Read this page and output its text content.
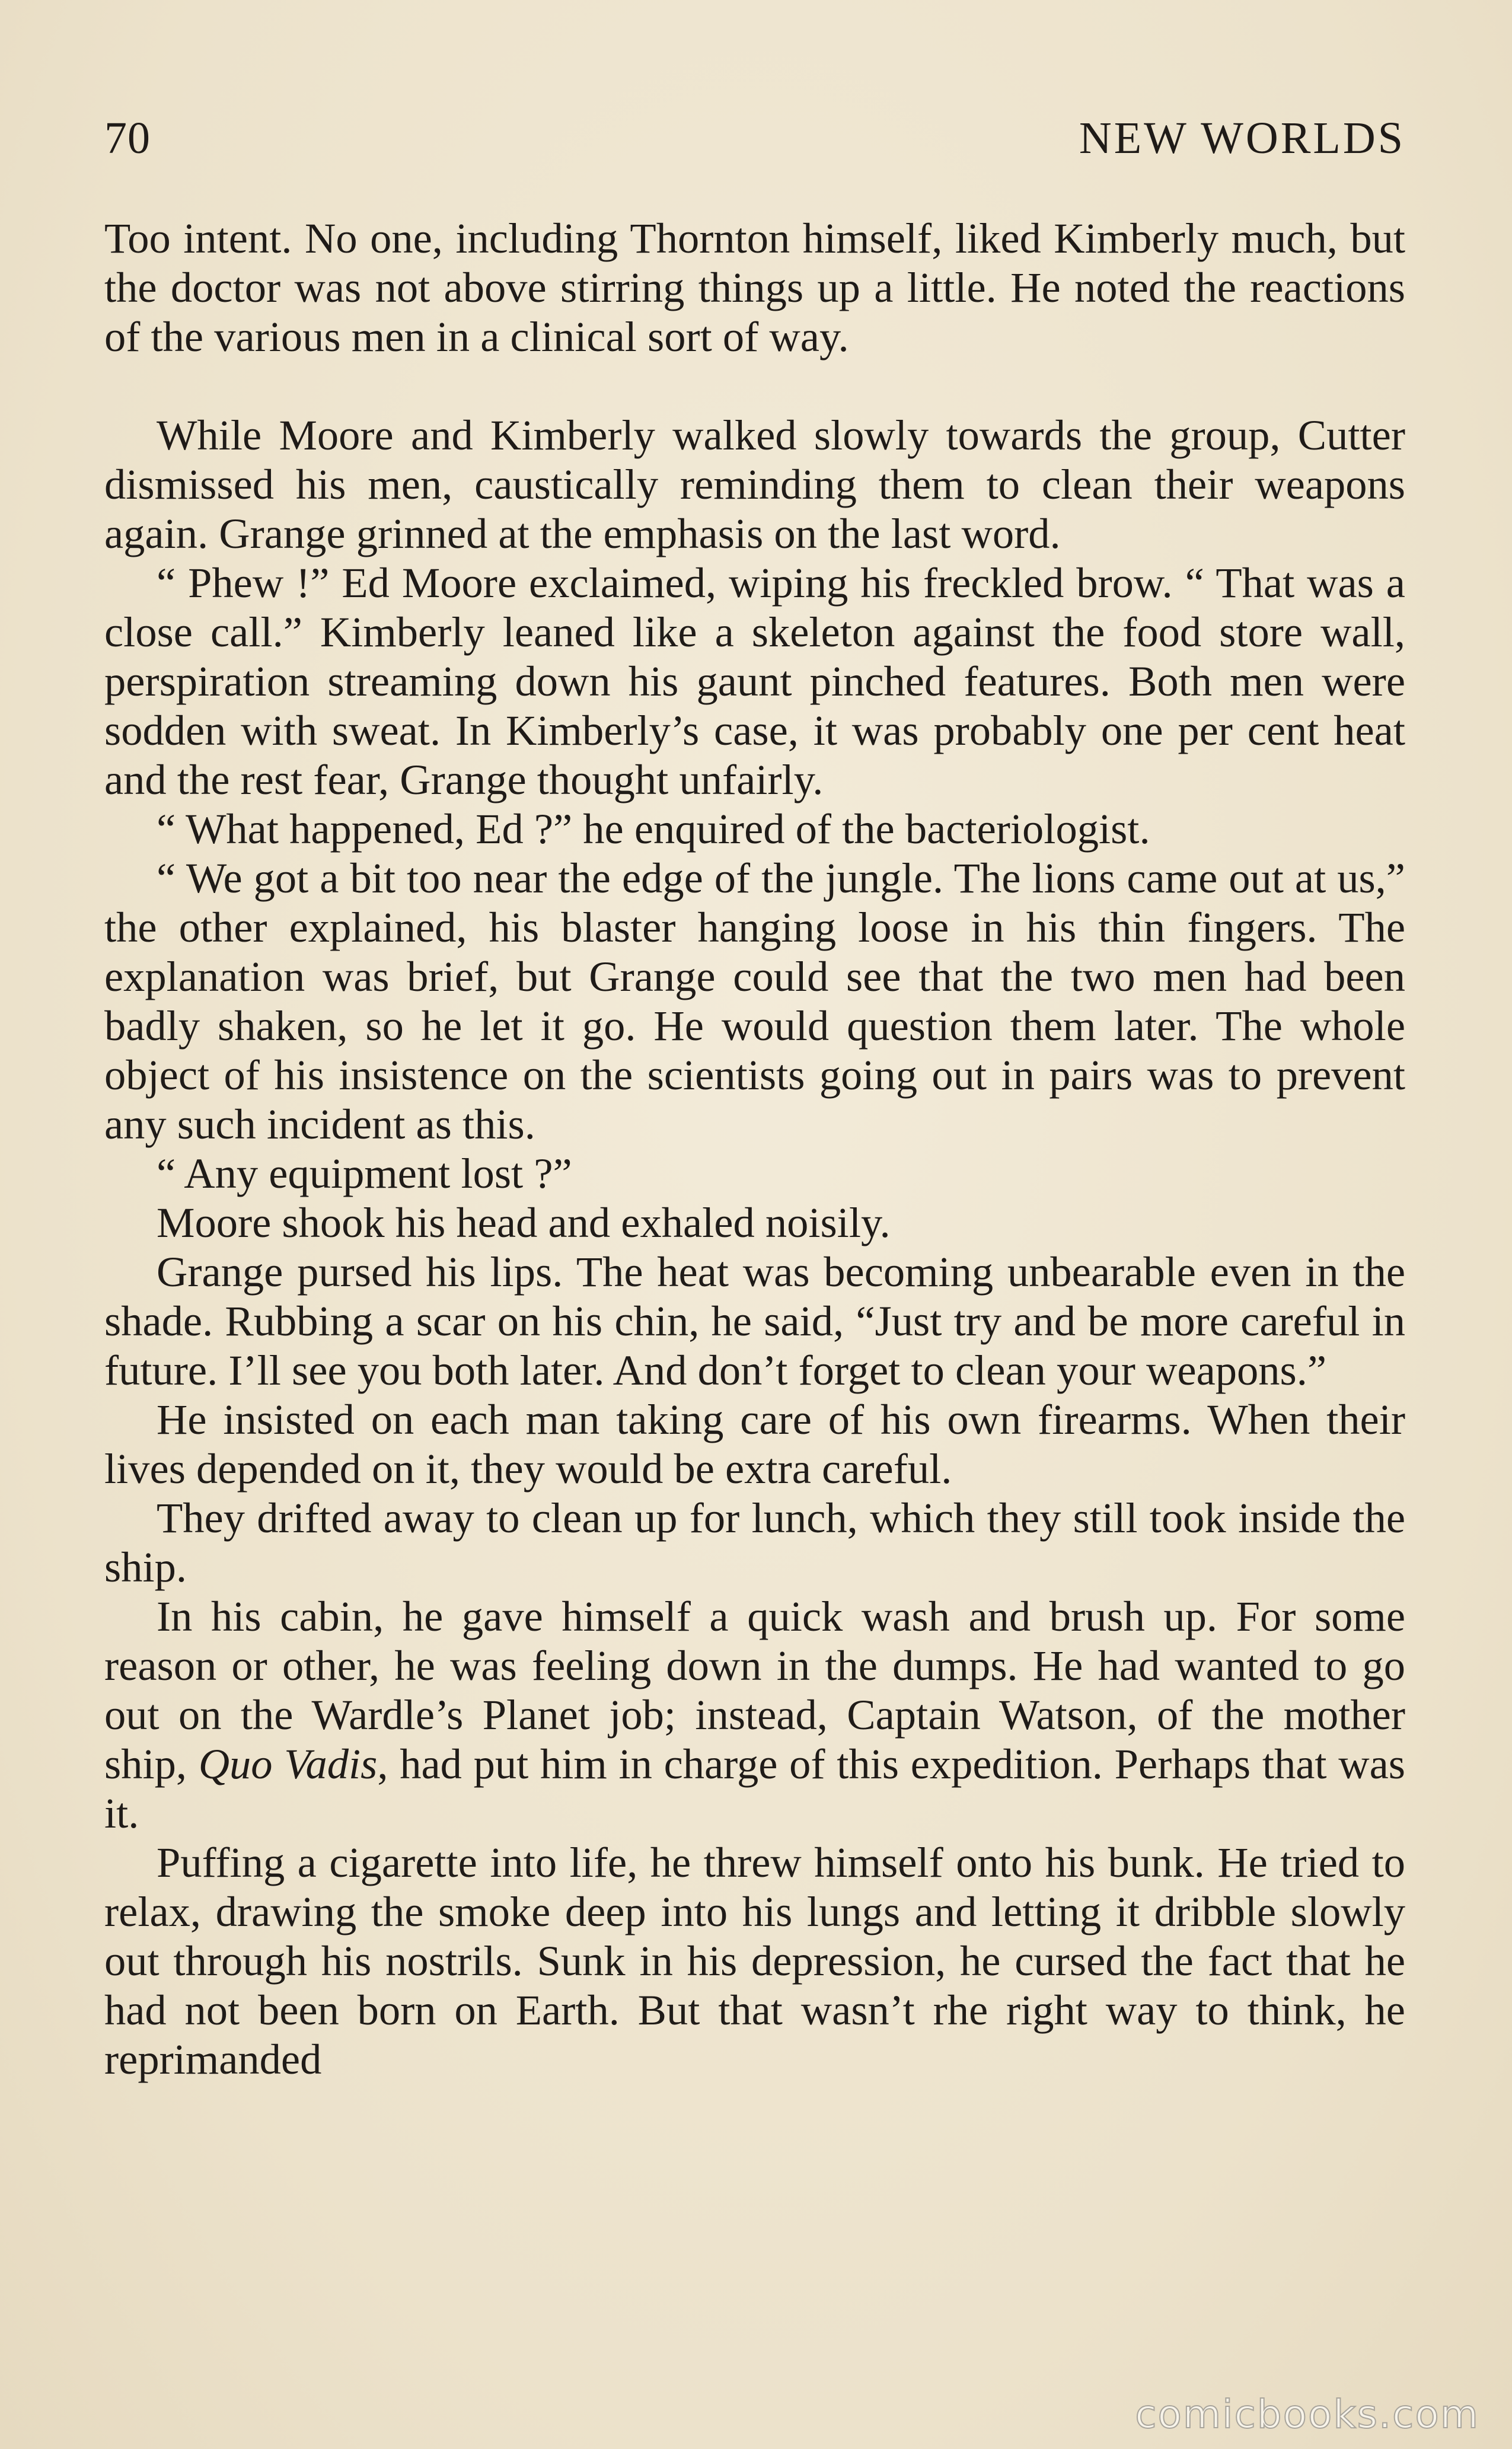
70	NEW WORLDS

Too intent. No one, including Thornton himself, liked Kimberly much, but the doctor was not above stirring things up a little. He noted the reactions of the various men in a clinical sort of way.

While Moore and Kimberly walked slowly towards the group, Cutter dismissed his men, caustically reminding them to clean their weapons again. Grange grinned at the emphasis on the last word.

“ Phew !” Ed Moore exclaimed, wiping his freckled brow. “ That was a close call.” Kimberly leaned like a skeleton against the food store wall, perspiration streaming down his gaunt pinched features. Both men were sodden with sweat. In Kimberly’s case, it was probably one per cent heat and the rest fear, Grange thought unfairly.

“ What happened, Ed ?” he enquired of the bacteriologist.

“ We got a bit too near the edge of the jungle. The lions came out at us,” the other explained, his blaster hanging loose in his thin fingers. The explanation was brief, but Grange could see that the two men had been badly shaken, so he let it go. He would question them later. The whole object of his insistence on the scientists going out in pairs was to prevent any such incident as this.

“ Any equipment lost ?”

Moore shook his head and exhaled noisily.

Grange pursed his lips. The heat was becoming unbearable even in the shade. Rubbing a scar on his chin, he said, “Just try and be more careful in future. I’ll see you both later. And don’t forget to clean your weapons.”

He insisted on each man taking care of his own firearms. When their lives depended on it, they would be extra careful.

They drifted away to clean up for lunch, which they still took inside the ship.

In his cabin, he gave himself a quick wash and brush up. For some reason or other, he was feeling down in the dumps. He had wanted to go out on the Wardle’s Planet job; instead, Captain Watson, of the mother ship, Quo Vadis, had put him in charge of this expedition. Perhaps that was it.

Puffing a cigarette into life, he threw himself onto his bunk. He tried to relax, drawing the smoke deep into his lungs and letting it dribble slowly out through his nostrils. Sunk in his depression, he cursed the fact that he had not been born on Earth. But that wasn’t rhe right way to think, he reprimanded

comicbooks.com
